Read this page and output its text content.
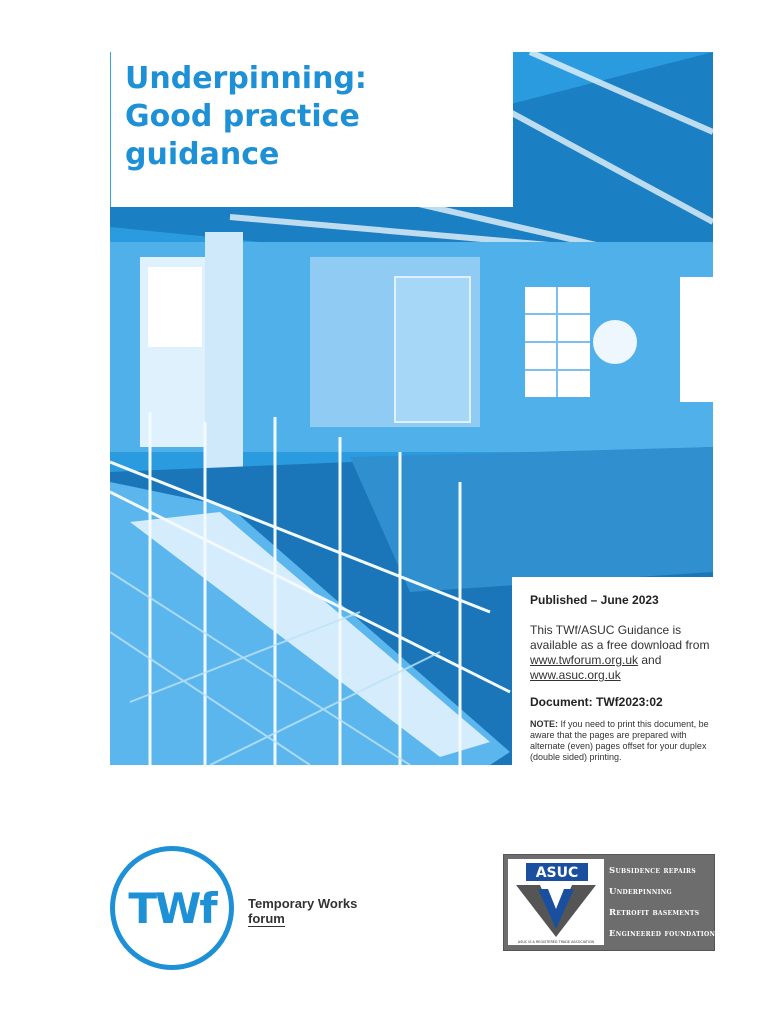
Underpinning:
Good practice
guidance

Published – June 2023

This TWf/ASUC Guidance is available as a free download from
www.twforum.org.uk and
www.asuc.org.uk

Document: TWf2023:02

NOTE: If you need to print this document, be aware that the pages are prepared with alternate (even) pages offset for your duplex (double sided) printing.

TWf Temporary Works
forum
ASUC
ASUC IS A REGISTERED TRADE ASSOCIATION
Subsidence repairs
Underpinning
Retrofit basements
Engineered foundations
